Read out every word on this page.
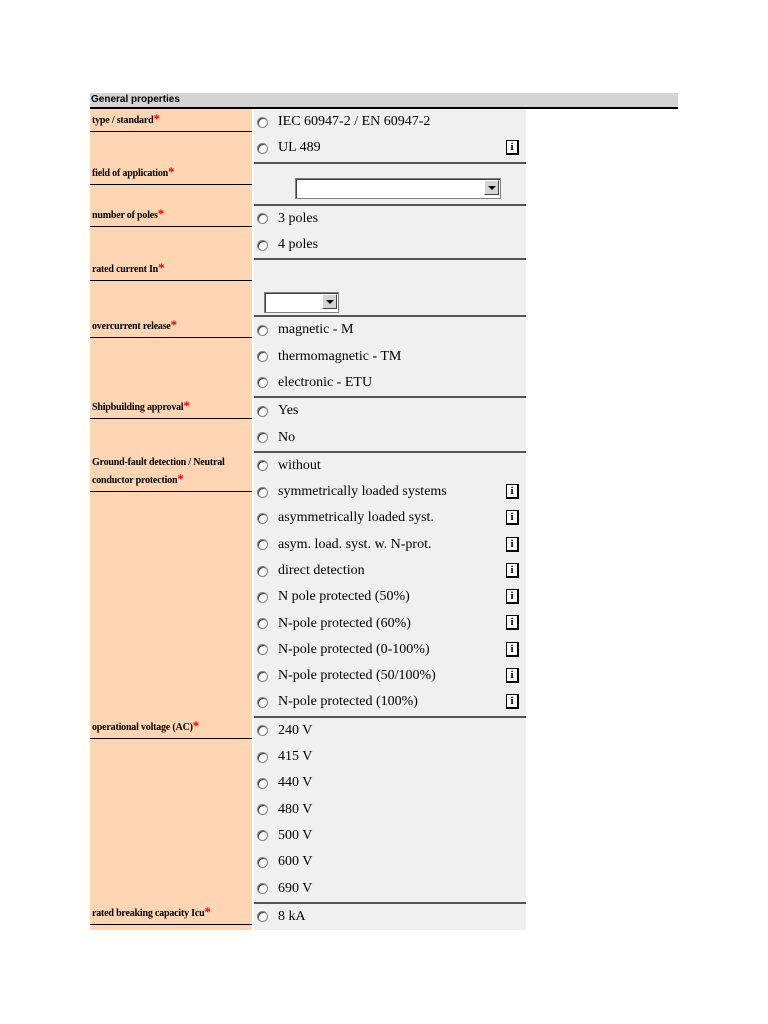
General properties
type / standard*	IEC 60947-2 / EN 60947-2
UL 489	i
field of application*
number of poles*	3 poles
4 poles
rated current In*
overcurrent release*	magnetic - M
thermomagnetic - TM
electronic - ETU
Shipbuilding approval*	Yes
No
Ground-fault detection / Neutral conductor protection*
without
symmetrically loaded systems	i
asymmetrically loaded syst.	i
asym. load. syst. w. N-prot.	i
direct detection	i
N pole protected (50%)	i
N-pole protected (60%)	i
N-pole protected (0-100%)	i
N-pole protected (50/100%)	i
N-pole protected (100%)	i
operational voltage (AC)*	240 V
415 V
440 V
480 V
500 V
600 V
690 V
rated breaking capacity Icu*	8 kA
